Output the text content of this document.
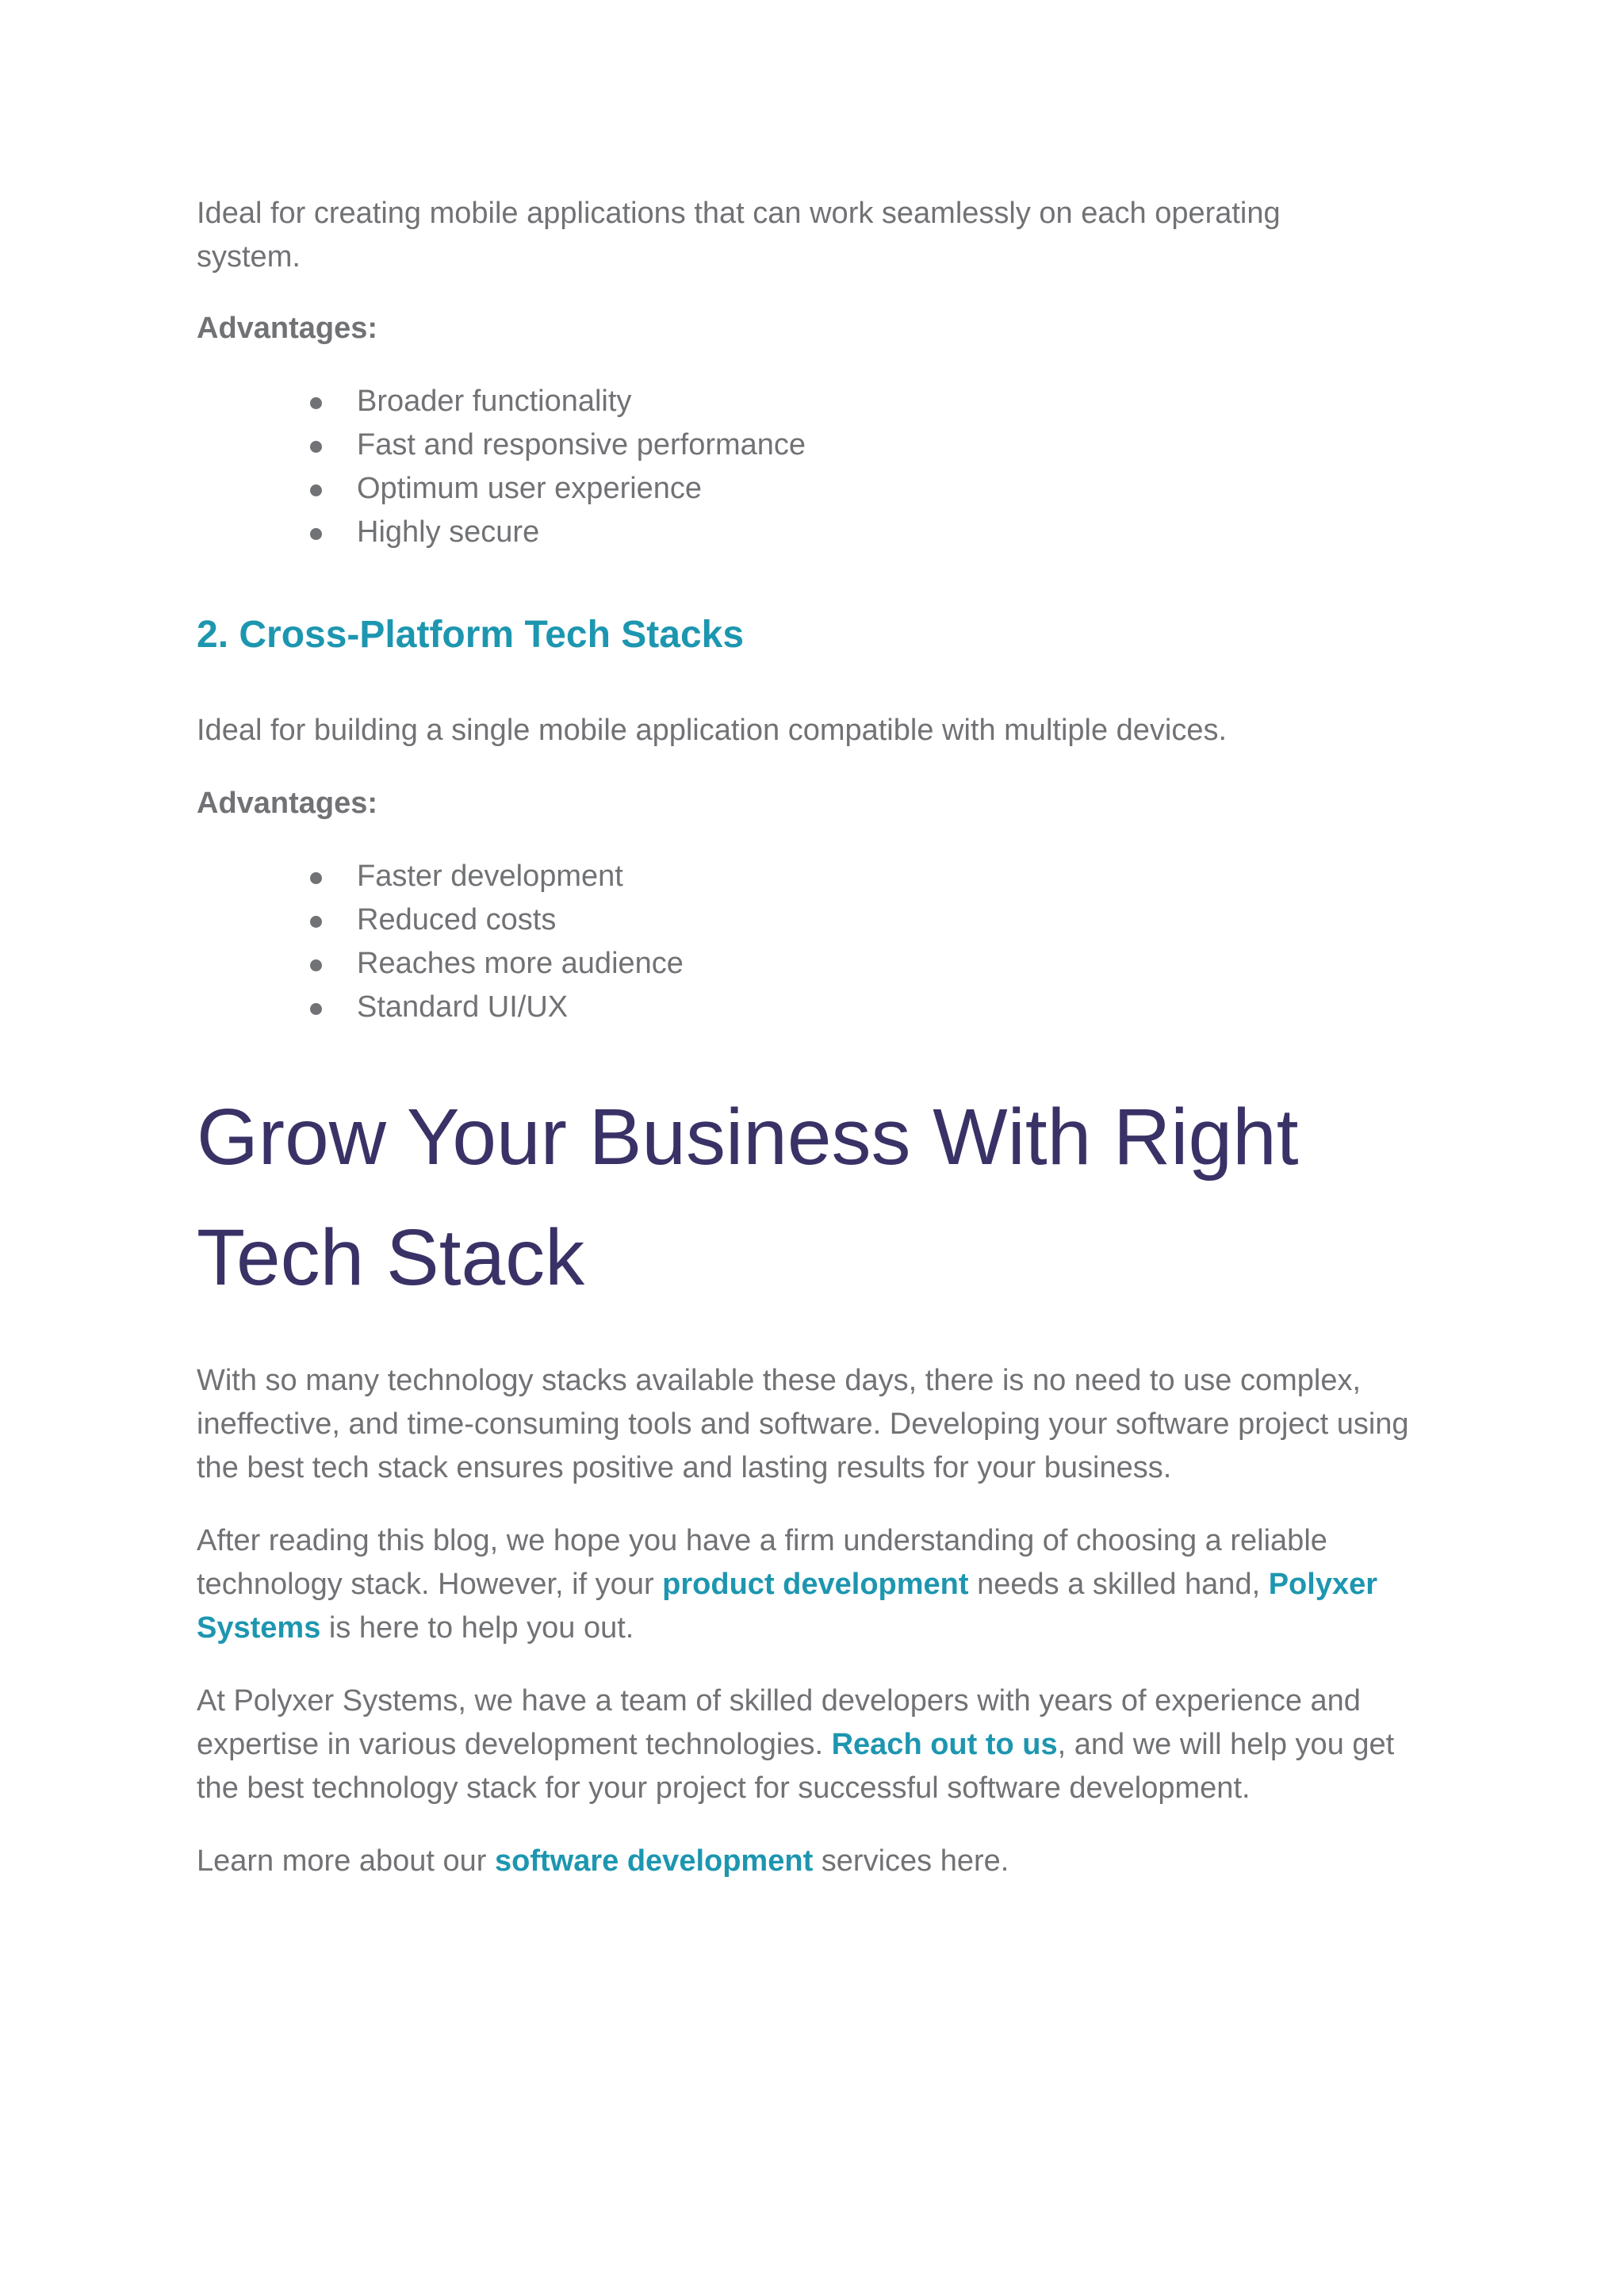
Ideal for creating mobile applications that can work seamlessly on each operating system.

Advantages:

Broader functionality
Fast and responsive performance
Optimum user experience
Highly secure
2. Cross-Platform Tech Stacks

Ideal for building a single mobile application compatible with multiple devices.

Advantages:

Faster development
Reduced costs
Reaches more audience
Standard UI/UX
Grow Your Business With Right Tech Stack

With so many technology stacks available these days, there is no need to use complex, ineffective, and time-consuming tools and software. Developing your software project using the best tech stack ensures positive and lasting results for your business.

After reading this blog, we hope you have a firm understanding of choosing a reliable technology stack. However, if your product development needs a skilled hand, Polyxer Systems is here to help you out.

At Polyxer Systems, we have a team of skilled developers with years of experience and expertise in various development technologies. Reach out to us, and we will help you get the best technology stack for your project for successful software development.

Learn more about our software development services here.
